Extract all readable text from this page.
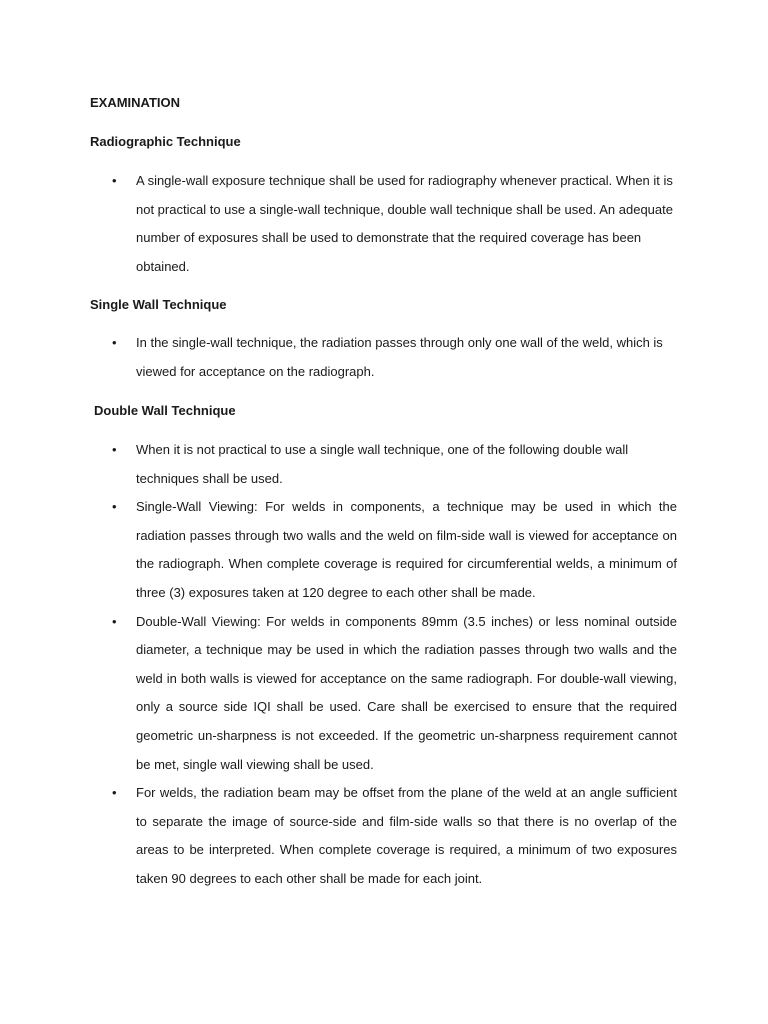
EXAMINATION
Radiographic Technique
• A single-wall exposure technique shall be used for radiography whenever practical. When it is not practical to use a single-wall technique, double wall technique shall be used. An adequate number of exposures shall be used to demonstrate that the required coverage has been obtained.
Single Wall Technique
• In the single-wall technique, the radiation passes through only one wall of the weld, which is viewed for acceptance on the radiograph.
Double Wall Technique
• When it is not practical to use a single wall technique, one of the following double wall techniques shall be used.
• Single-Wall Viewing: For welds in components, a technique may be used in which the radiation passes through two walls and the weld on film-side wall is viewed for acceptance on the radiograph. When complete coverage is required for circumferential welds, a minimum of three (3) exposures taken at 120 degree to each other shall be made.
• Double-Wall Viewing: For welds in components 89mm (3.5 inches) or less nominal outside diameter, a technique may be used in which the radiation passes through two walls and the weld in both walls is viewed for acceptance on the same radiograph. For double-wall viewing, only a source side IQI shall be used. Care shall be exercised to ensure that the required geometric un-sharpness is not exceeded. If the geometric un-sharpness requirement cannot be met, single wall viewing shall be used.
• For welds, the radiation beam may be offset from the plane of the weld at an angle sufficient to separate the image of source-side and film-side walls so that there is no overlap of the areas to be interpreted. When complete coverage is required, a minimum of two exposures taken 90 degrees to each other shall be made for each joint.
